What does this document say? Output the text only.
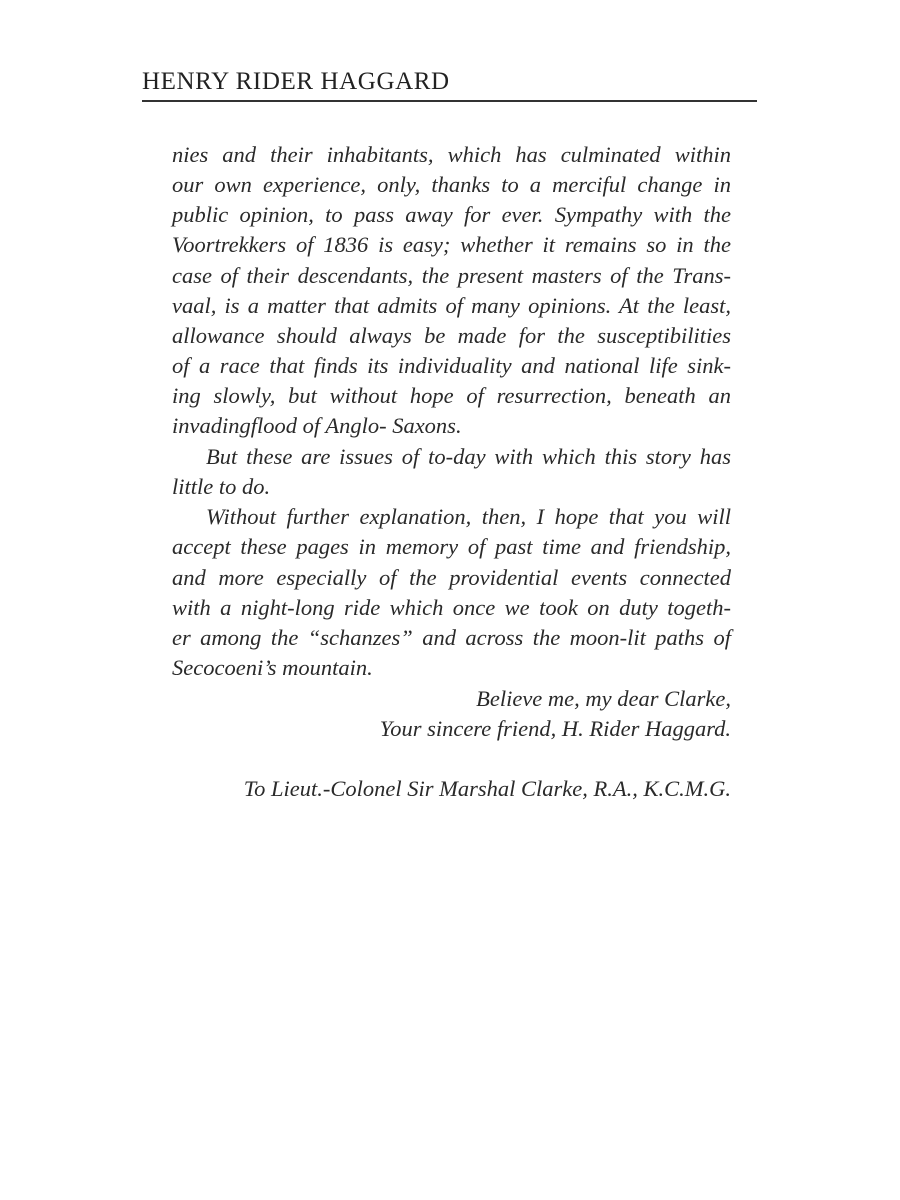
HENRY RIDER HAGGARD
nies and their inhabitants, which has culminated within
our own experience, only, thanks to a merciful change in
public opinion, to pass away for ever. Sympathy with the
Voortrekkers of 1836 is easy; whether it remains so in the
case of their descendants, the present masters of the Trans-
vaal, is a matter that admits of many opinions. At the least,
allowance should always be made for the susceptibilities
of a race that finds its individuality and national life sink-
ing slowly, but without hope of resurrection, beneath an
invadingflood of Anglo- Saxons.
But these are issues of to-day with which this story has
little to do.
Without further explanation, then, I hope that you will
accept these pages in memory of past time and friendship,
and more especially of the providential events connected
with a night-long ride which once we took on duty togeth-
er among the “schanzes” and across the moon-lit paths of
Secocoeni’s mountain.
Believe me, my dear Clarke,
Your sincere friend, H. Rider Haggard.
To Lieut.-Colonel Sir Marshal Clarke, R.A., K.C.M.G.
